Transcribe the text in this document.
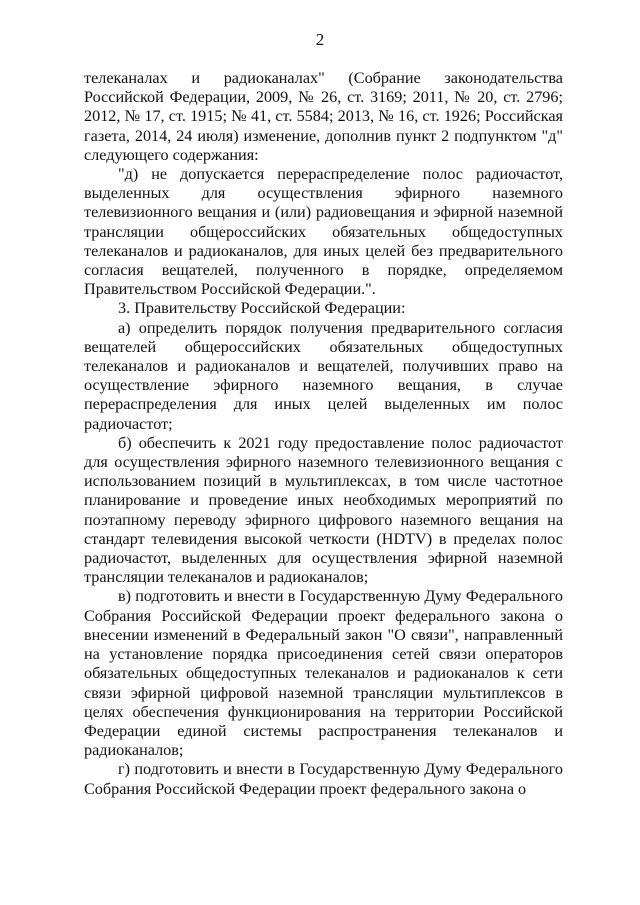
2

телеканалах и радиоканалах" (Собрание законодательства Российской Федерации, 2009, № 26, ст. 3169; 2011, № 20, ст. 2796; 2012, № 17, ст. 1915; № 41, ст. 5584; 2013, № 16, ст. 1926; Российская газета, 2014, 24 июля) изменение, дополнив пункт 2 подпунктом "д" следующего содержания:

"д) не допускается перераспределение полос радиочастот, выделенных для осуществления эфирного наземного телевизионного вещания и (или) радиовещания и эфирной наземной трансляции общероссийских обязательных общедоступных телеканалов и радиоканалов, для иных целей без предварительного согласия вещателей, полученного в порядке, определяемом Правительством Российской Федерации.".

3. Правительству Российской Федерации:

а) определить порядок получения предварительного согласия вещателей общероссийских обязательных общедоступных телеканалов и радиоканалов и вещателей, получивших право на осуществление эфирного наземного вещания, в случае перераспределения для иных целей выделенных им полос радиочастот;

б) обеспечить к 2021 году предоставление полос радиочастот для осуществления эфирного наземного телевизионного вещания с использованием позиций в мультиплексах, в том числе частотное планирование и проведение иных необходимых мероприятий по поэтапному переводу эфирного цифрового наземного вещания на стандарт телевидения высокой четкости (HDTV) в пределах полос радиочастот, выделенных для осуществления эфирной наземной трансляции телеканалов и радиоканалов;

в) подготовить и внести в Государственную Думу Федерального Собрания Российской Федерации проект федерального закона о внесении изменений в Федеральный закон "О связи", направленный на установление порядка присоединения сетей связи операторов обязательных общедоступных телеканалов и радиоканалов к сети связи эфирной цифровой наземной трансляции мультиплексов в целях обеспечения функционирования на территории Российской Федерации единой системы распространения телеканалов и радиоканалов;

г) подготовить и внести в Государственную Думу Федерального Собрания Российской Федерации проект федерального закона о
